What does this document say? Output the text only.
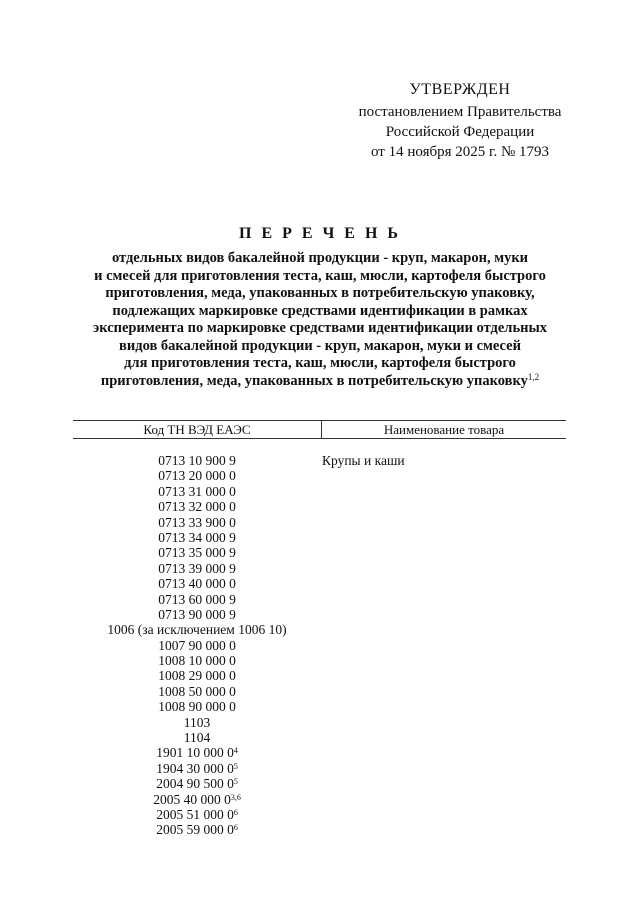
УТВЕРЖДЕН
постановлением Правительства
Российской Федерации
от 14 ноября 2025 г. № 1793
П Е Р Е Ч Е Н Ь
отдельных видов бакалейной продукции - круп, макарон, муки
и смесей для приготовления теста, каш, мюсли, картофеля быстрого
приготовления, меда, упакованных в потребительскую упаковку,
подлежащих маркировке средствами идентификации в рамках
эксперимента по маркировке средствами идентификации отдельных
видов бакалейной продукции - круп, макарон, муки и смесей
для приготовления теста, каш, мюсли, картофеля быстрого
приготовления, меда, упакованных в потребительскую упаковку$^{1,2}$
Код ТН ВЭД ЕАЭС	Наименование товара
0713 10 900 9
0713 20 000 0
0713 31 000 0
0713 32 000 0
0713 33 900 0
0713 34 000 9
0713 35 000 9
0713 39 000 9
0713 40 000 0
0713 60 000 9
0713 90 000 9
1006 (за исключением 1006 10)
1007 90 000 0
1008 10 000 0
1008 29 000 0
1008 50 000 0
1008 90 000 0
1103
1104
1901 10 000 $0^4$
1904 30 000 $0^5$
2004 90 500 $0^5$
2005 40 000 0$^{3,6}$
2005 51 000 $0^6$
2005 59 000 $0^6$
Крупы и каши
